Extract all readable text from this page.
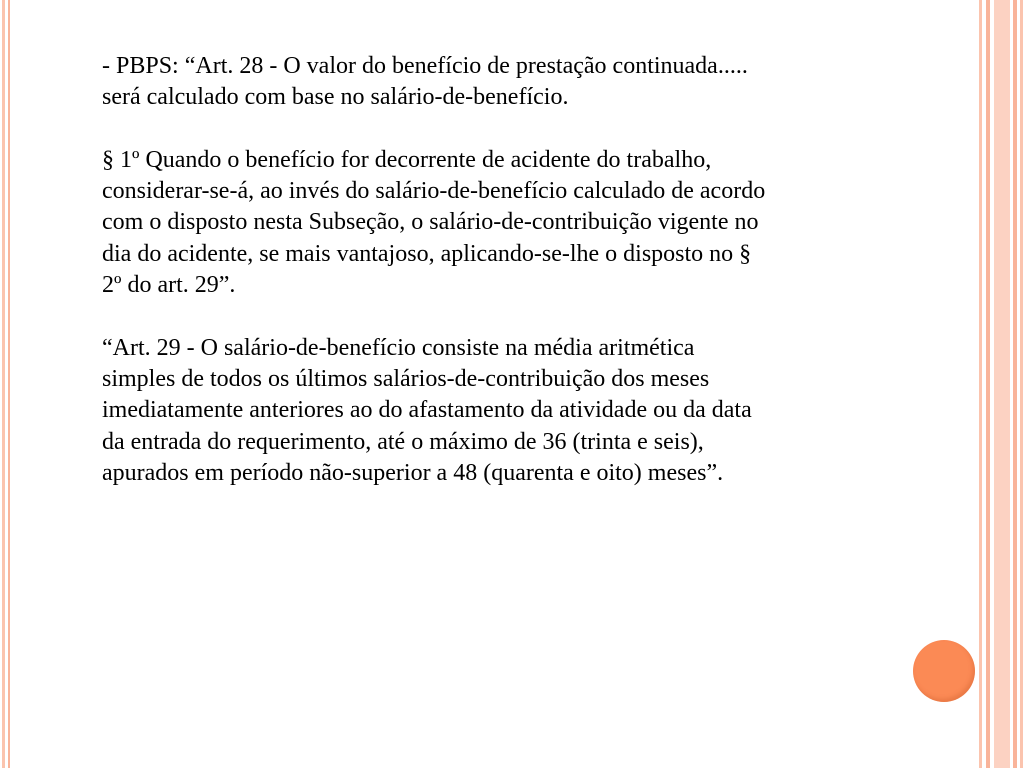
- PBPS: “Art. 28 - O valor do benefício de prestação continuada.....
será calculado com base no salário-de-benefício.

§ 1º Quando o benefício for decorrente de acidente do trabalho,
considerar-se-á, ao invés do salário-de-benefício calculado de acordo
com o disposto nesta Subseção, o salário-de-contribuição vigente no
dia do acidente, se mais vantajoso, aplicando-se-lhe o disposto no §
2º do art. 29”.

“Art. 29 - O salário-de-benefício consiste na média aritmética
simples de todos os últimos salários-de-contribuição dos meses
imediatamente anteriores ao do afastamento da atividade ou da data
da entrada do requerimento, até o máximo de 36 (trinta e seis),
apurados em período não-superior a 48 (quarenta e oito) meses”.
